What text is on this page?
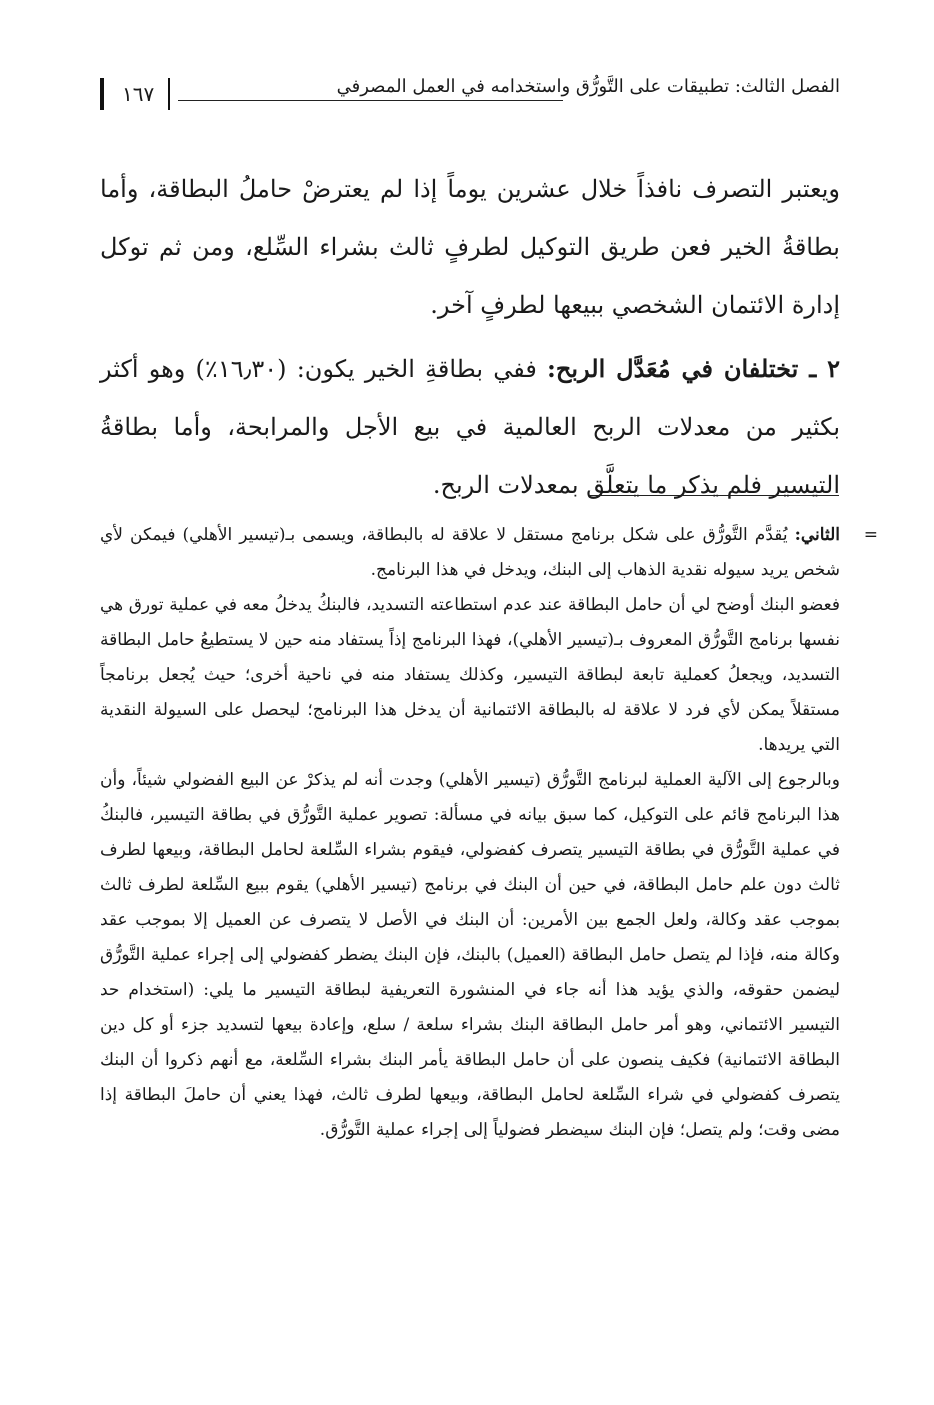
الفصل الثالث: تطبيقات على التَّورُّق واستخدامه في العمل المصرفي
١٦٧

ويعتبر التصرف نافذاً خلال عشرين يوماً إذا لم يعترضْ حاملُ البطاقة، وأما بطاقةُ الخير فعن طريق التوكيل لطرفٍ ثالث بشراء السِّلع، ومن ثم توكل إدارة الائتمان الشخصي ببيعها لطرفٍ آخر.

٢ ـ تختلفان في مُعَدَّل الربح: ففي بطاقةِ الخير يكون: (١٦٫٣٠٪) وهو أكثر بكثير من معدلات الربح العالمية في بيع الأجل والمرابحة، وأما بطاقةُ التيسير فلم يذكر ما يتعلَّق بمعدلات الربح.

=

الثاني: يُقدَّم التَّورُّق على شكل برنامج مستقل لا علاقة له بالبطاقة، ويسمى بـ(تيسير الأهلي) فيمكن لأي شخص يريد سيوله نقدية الذهاب إلى البنك، ويدخل في هذا البرنامج.

فعضو البنك أوضح لي أن حامل البطاقة عند عدم استطاعته التسديد، فالبنكُ يدخلُ معه في عملية تورق هي نفسها برنامج التَّورُّق المعروف بـ(تيسير الأهلي)، فهذا البرنامج إذاً يستفاد منه حين لا يستطيعُ حامل البطاقة التسديد، ويجعلُ كعملية تابعة لبطاقة التيسير، وكذلك يستفاد منه في ناحية أخرى؛ حيث يُجعل برنامجاً مستقلاً يمكن لأي فرد لا علاقة له بالبطاقة الائتمانية أن يدخل هذا البرنامج؛ ليحصل على السيولة النقدية التي يريدها.

وبالرجوع إلى الآلية العملية لبرنامج التَّورُّق (تيسير الأهلي) وجدت أنه لم يذكرْ عن البيع الفضولي شيئاً، وأن هذا البرنامج قائم على التوكيل، كما سبق بيانه في مسألة: تصوير عملية التَّورُّق في بطاقة التيسير، فالبنكُ في عملية التَّورُّق في بطاقة التيسير يتصرف كفضولي، فيقوم بشراء السِّلعة لحامل البطاقة، وبيعها لطرف ثالث دون علم حامل البطاقة، في حين أن البنك في برنامج (تيسير الأهلي) يقوم ببيع السِّلعة لطرف ثالث بموجب عقد وكالة، ولعل الجمع بين الأمرين: أن البنك في الأصل لا يتصرف عن العميل إلا بموجب عقد وكالة منه، فإذا لم يتصل حامل البطاقة (العميل) بالبنك، فإن البنك يضطر كفضولي إلى إجراء عملية التَّورُّق ليضمن حقوقه، والذي يؤيد هذا أنه جاء في المنشورة التعريفية لبطاقة التيسير ما يلي: (استخدام حد التيسير الائتماني، وهو أمر حامل البطاقة البنك بشراء سلعة / سلع، وإعادة بيعها لتسديد جزء أو كل دين البطاقة الائتمانية) فكيف ينصون على أن حامل البطاقة يأمر البنك بشراء السِّلعة، مع أنهم ذكروا أن البنك يتصرف كفضولي في شراء السِّلعة لحامل البطاقة، وبيعها لطرف ثالث، فهذا يعني أن حاملَ البطاقة إذا مضى وقت؛ ولم يتصل؛ فإن البنك سيضطر فضولياً إلى إجراء عملية التَّورُّق.
